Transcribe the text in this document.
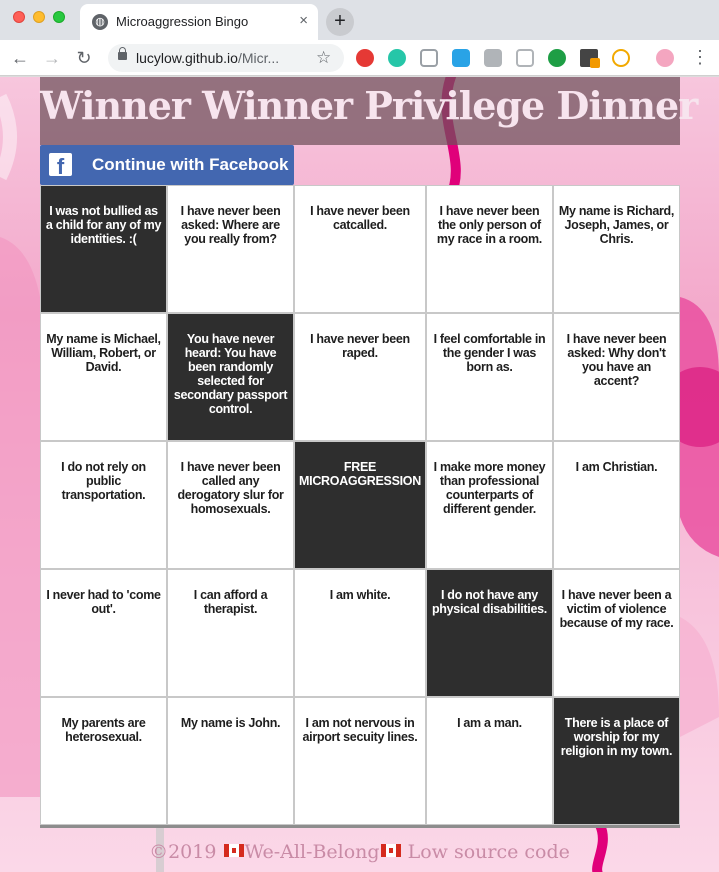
◍ Microaggression Bingo	×	+
← → ↻	lucylow.github.io/Micr... ☆	⋮
Winner Winner Privilege Dinner
f	Continue with Facebook
I was not bullied as a child for any of my identities. :(
I have never been asked: Where are you really from?
I have never been catcalled.
I have never been the only person of my race in a room.
My name is Richard, Joseph, James, or Chris.
My name is Michael, William, Robert, or David.
You have never heard: You have been randomly selected for secondary passport control.
I have never been raped.
I feel comfortable in the gender I was born as.
I have never been asked: Why don't you have an accent?
I do not rely on public transportation.
I have never been called any derogatory slur for homosexuals.
FREE MICROAGGRESSION
I make more money than professional counterparts of different gender.
I am Christian.
I never had to 'come out'.
I can afford a therapist.
I am white.	I do not have any physical disabilities.
I have never been a victim of violence because of my race.
My parents are heterosexual.
My name is John.	I am not nervous in airport secuity lines.
I am a man.	There is a place of worship for my religion in my town.
©2019 We-All-Belong Low source code
